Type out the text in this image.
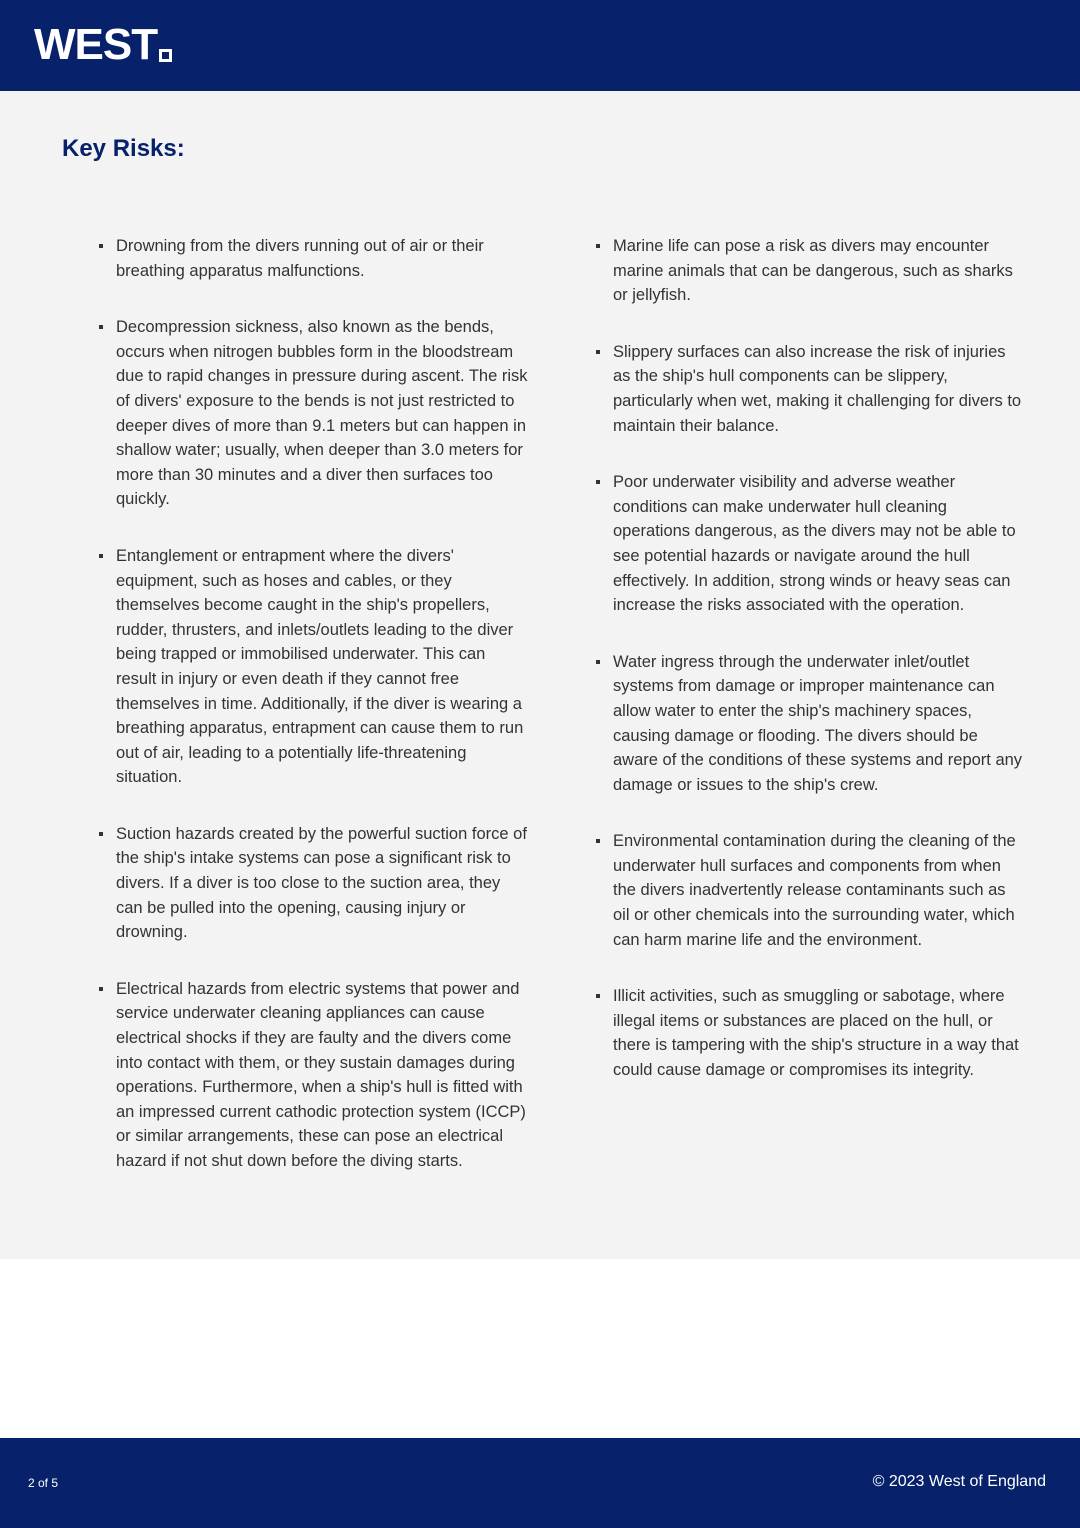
WEST
Key Risks:
Drowning from the divers running out of air or their breathing apparatus malfunctions.
Decompression sickness, also known as the bends, occurs when nitrogen bubbles form in the bloodstream due to rapid changes in pressure during ascent. The risk of divers' exposure to the bends is not just restricted to deeper dives of more than 9.1 meters but can happen in shallow water; usually, when deeper than 3.0 meters for more than 30 minutes and a diver then surfaces too quickly.
Entanglement or entrapment where the divers' equipment, such as hoses and cables, or they themselves become caught in the ship's propellers, rudder, thrusters, and inlets/outlets leading to the diver being trapped or immobilised underwater. This can result in injury or even death if they cannot free themselves in time. Additionally, if the diver is wearing a breathing apparatus, entrapment can cause them to run out of air, leading to a potentially life-threatening situation.
Suction hazards created by the powerful suction force of the ship's intake systems can pose a significant risk to divers. If a diver is too close to the suction area, they can be pulled into the opening, causing injury or drowning.
Electrical hazards from electric systems that power and service underwater cleaning appliances can cause electrical shocks if they are faulty and the divers come into contact with them, or they sustain damages during operations. Furthermore, when a ship's hull is fitted with an impressed current cathodic protection system (ICCP) or similar arrangements, these can pose an electrical hazard if not shut down before the diving starts.
Marine life can pose a risk as divers may encounter marine animals that can be dangerous, such as sharks or jellyfish.
Slippery surfaces can also increase the risk of injuries as the ship's hull components can be slippery, particularly when wet, making it challenging for divers to maintain their balance.
Poor underwater visibility and adverse weather conditions can make underwater hull cleaning operations dangerous, as the divers may not be able to see potential hazards or navigate around the hull effectively. In addition, strong winds or heavy seas can increase the risks associated with the operation.
Water ingress through the underwater inlet/outlet systems from damage or improper maintenance can allow water to enter the ship's machinery spaces, causing damage or flooding. The divers should be aware of the conditions of these systems and report any damage or issues to the ship's crew.
Environmental contamination during the cleaning of the underwater hull surfaces and components from when the divers inadvertently release contaminants such as oil or other chemicals into the surrounding water, which can harm marine life and the environment.
Illicit activities, such as smuggling or sabotage, where illegal items or substances are placed on the hull, or there is tampering with the ship's structure in a way that could cause damage or compromises its integrity.
2 of 5	© 2023 West of England
